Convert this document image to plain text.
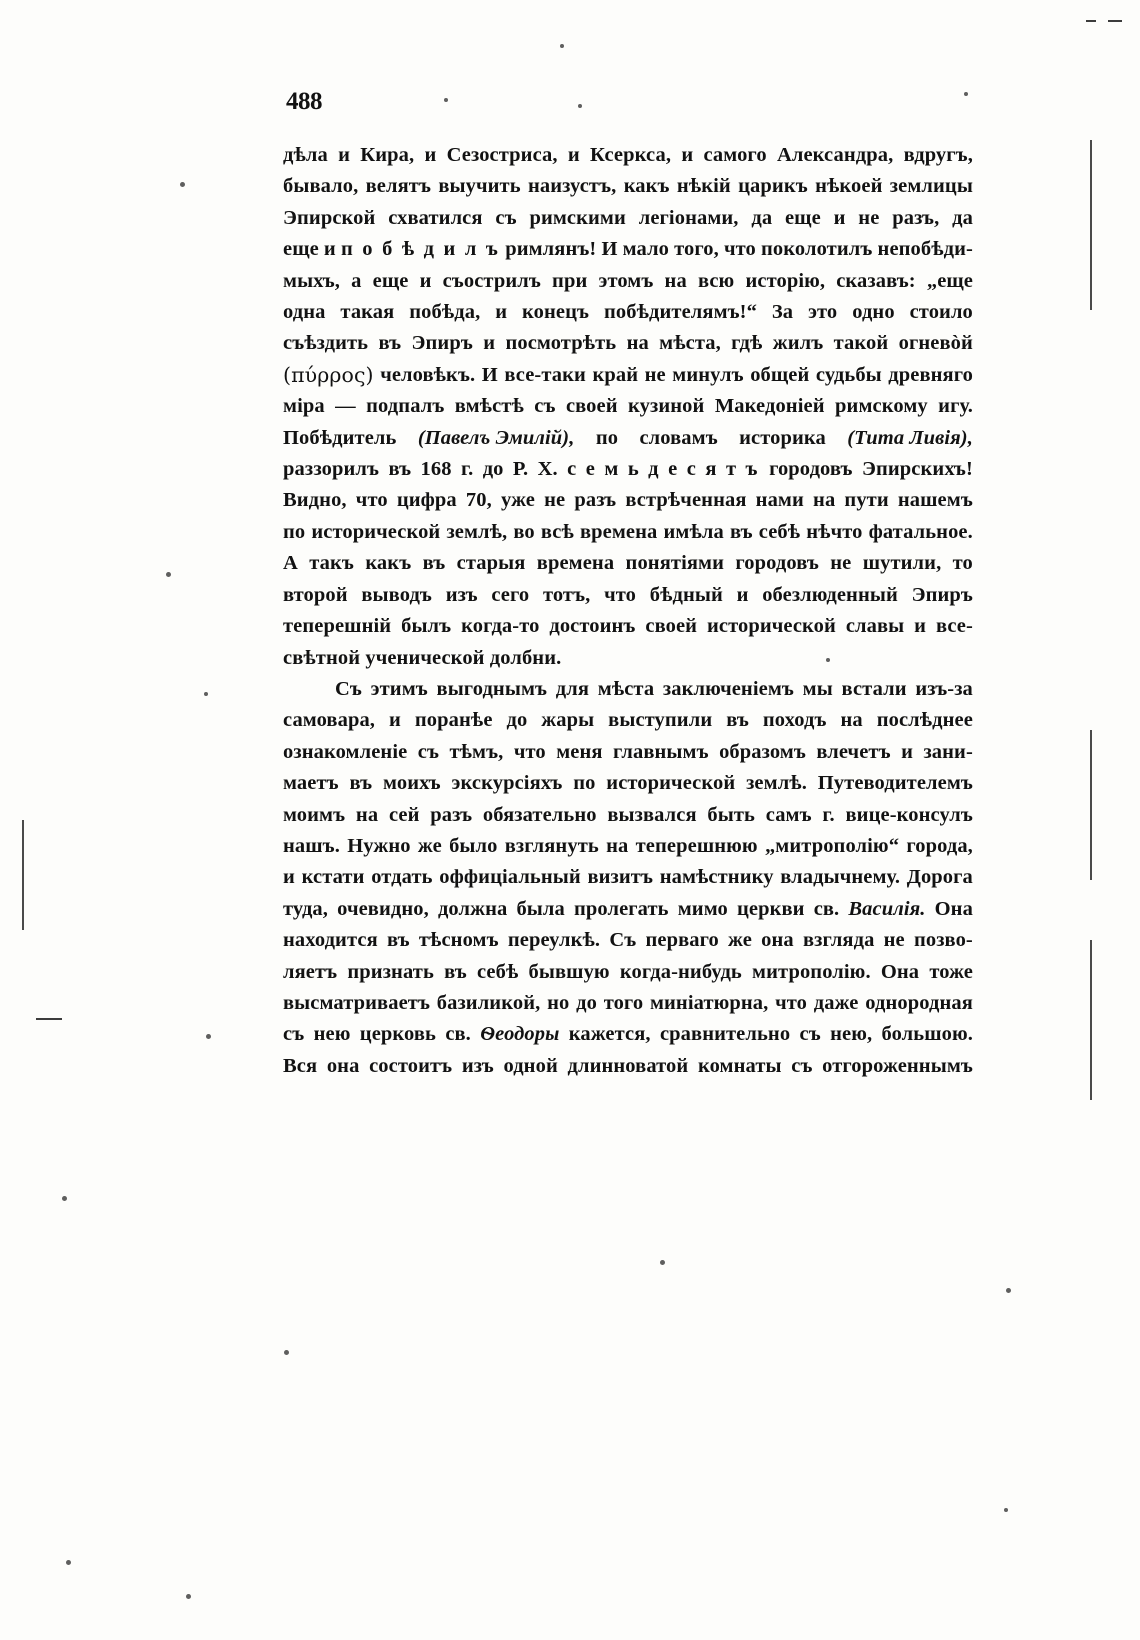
488
дѣла и Кира, и Сезостриса, и Ксеркса, и самого Александра, вдругъ,
бывало, велятъ выучить наизустъ, какъ нѣкій царикъ нѣкоей землицы
Эпирской схватился съ римскими легіонами, да еще и не разъ, да
еще и п о б ѣ д и л ъ римлянъ! И мало того, что поколотилъ непобѣди-
мыхъ, а еще и съострилъ при этомъ на всю исторію, сказавъ: „еще
одна такая побѣда, и конецъ побѣдителямъ!“ За это одно стоило
съѣздить въ Эпиръ и посмотрѣть на мѣста, гдѣ жилъ такой огневòй
(πύρρος) человѣкъ. И все-таки край не минулъ общей судьбы древняго
міра — подпалъ вмѣстѣ съ своей кузиной Македоніей римскому игу.
Побѣдитель (Павелъ Эмилій), по словамъ историка (Тита Ливія),
раззорилъ въ 168 г. до Р. Х. с е м ь д е с я т ъ городовъ Эпирскихъ!
Видно, что цифра 70, уже не разъ встрѣченная нами на пути нашемъ
по исторической землѣ, во всѣ времена имѣла въ себѣ нѣчто фатальное.
А такъ какъ въ старыя времена понятіями городовъ не шутили, то
второй выводъ изъ сего тотъ, что бѣдный и обезлюденный Эпиръ
теперешній былъ когда-то достоинъ своей исторической славы и все-
свѣтной ученической долбни.
Съ этимъ выгоднымъ для мѣста заключеніемъ мы встали изъ-за
самовара, и поранѣе до жары выступили въ походъ на послѣднее
ознакомленіе съ тѣмъ, что меня главнымъ образомъ влечетъ и зани-
маетъ въ моихъ экскурсіяхъ по исторической землѣ. Путеводителемъ
моимъ на сей разъ обязательно вызвался быть самъ г. вице-консулъ
нашъ. Нужно же было взглянуть на теперешнюю „митрополію“ города,
и кстати отдать оффиціальный визитъ намѣстнику владычнему. Дорога
туда, очевидно, должна была пролегать мимо церкви св. Василія. Она
находится въ тѣсномъ переулкѣ. Съ перваго же она взгляда не позво-
ляетъ признать въ себѣ бывшую когда-нибудь митрополію. Она тоже
высматриваетъ базиликой, но до того миніатюрна, что даже однородная
съ нею церковь св. Ѳеодоры кажется, сравнительно съ нею, большою.
Вся она состоитъ изъ одной длинноватой комнаты съ отгороженнымъ
